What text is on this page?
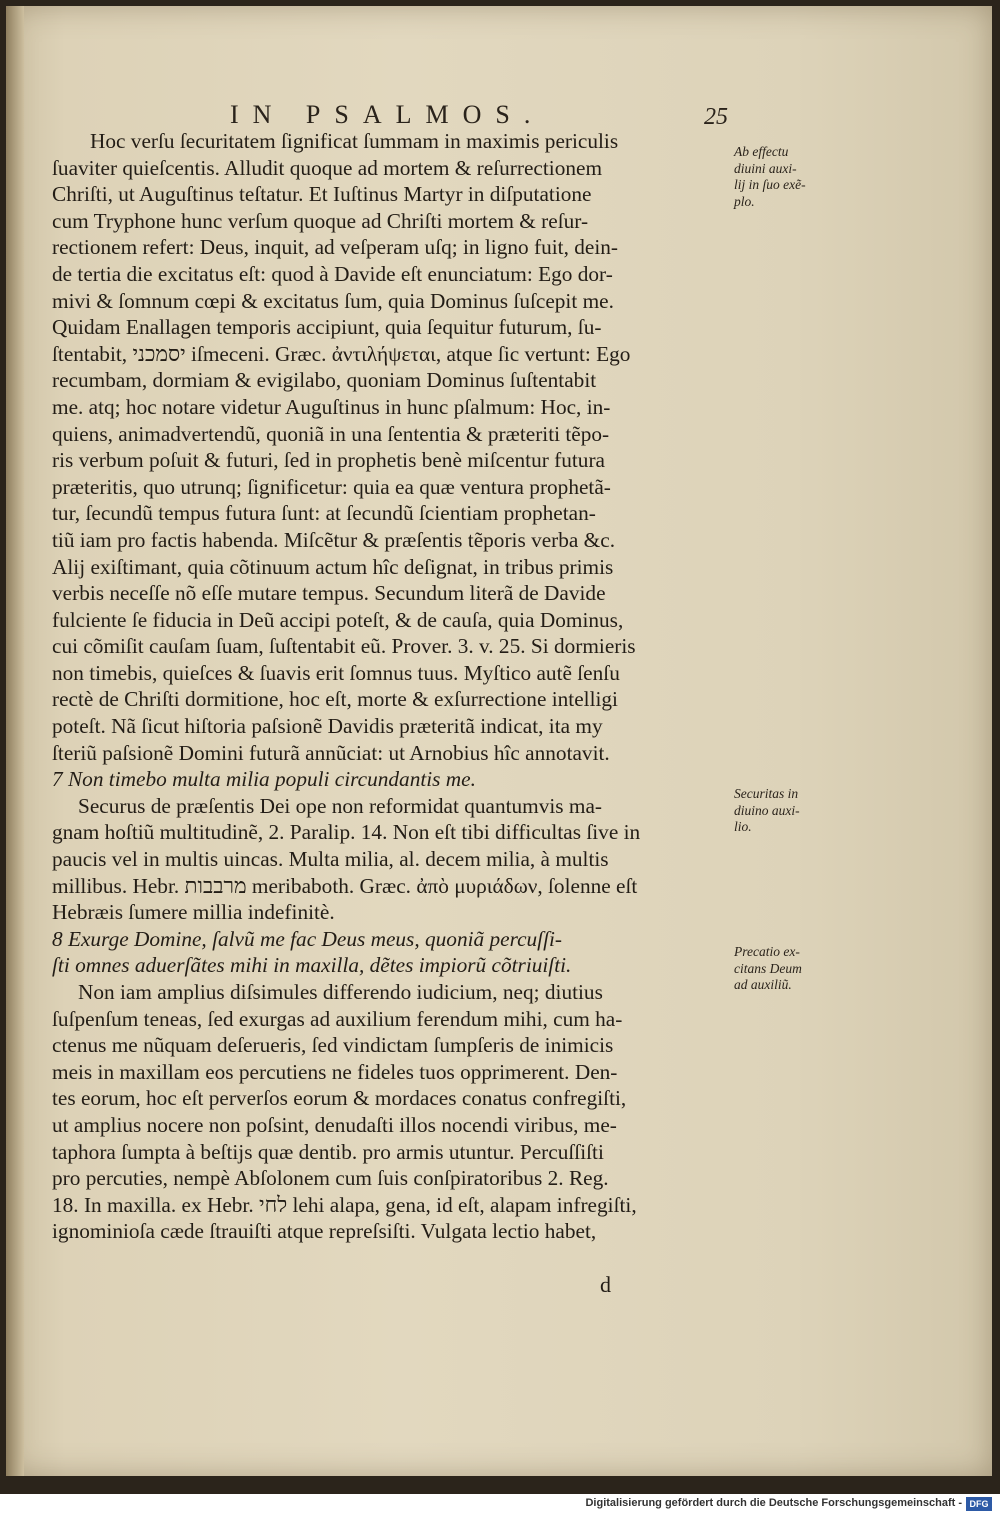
IN PSALMOS.	25
Hoc verſu ſecuritatem ſignificat ſummam in maximis periculis
ſuaviter quieſcentis. Alludit quoque ad mortem & reſurrectionem
Chriſti, ut Auguſtinus teſtatur. Et Iuſtinus Martyr in diſputatione
cum Tryphone hunc verſum quoque ad Chriſti mortem & reſur-
rectionem refert: Deus, inquit, ad veſperam uſq; in ligno fuit, dein-
de tertia die excitatus eſt: quod à Davide eſt enunciatum: Ego dor-
mivi & ſomnum cœpi & excitatus ſum, quia Dominus ſuſcepit me.
Quidam Enallagen temporis accipiunt, quia ſequitur futurum, ſu-
ſtentabit, יסמכני iſmeceni. Græc. ἀντιλήψεται, atque ſic vertunt: Ego
recumbam, dormiam & evigilabo, quoniam Dominus ſuſtentabit
me. atq; hoc notare videtur Auguſtinus in hunc pſalmum: Hoc, in-
quiens, animadvertendũ, quoniã in una ſententia & præteriti tẽpo-
ris verbum poſuit & futuri, ſed in prophetis benè miſcentur futura
præteritis, quo utrunq; ſignificetur: quia ea quæ ventura prophetã-
tur, ſecundũ tempus futura ſunt: at ſecundũ ſcientiam prophetan-
tiũ iam pro factis habenda. Miſcẽtur & præſentis tẽporis verba &c.
Alij exiſtimant, quia cõtinuum actum hîc deſignat, in tribus primis
verbis neceſſe nõ eſſe mutare tempus. Secundum literã de Davide
fulciente ſe fiducia in Deũ accipi poteſt, & de cauſa, quia Dominus,
cui cõmiſit cauſam ſuam, ſuſtentabit eũ. Prover. 3. v. 25. Si dormieris
non timebis, quieſces & ſuavis erit ſomnus tuus. Myſtico autẽ ſenſu
rectè de Chriſti dormitione, hoc eſt, morte & exſurrectione intelligi
poteſt. Nã ſicut hiſtoria paſsionẽ Davidis præteritã indicat, ita my
ſteriũ paſsionẽ Domini futurã annũciat: ut Arnobius hîc annotavit.
7 Non timebo multa milia populi circundantis me.
Securus de præſentis Dei ope non reformidat quantumvis ma-
gnam hoſtiũ multitudinẽ, 2. Paralip. 14. Non eſt tibi difficultas ſive in
paucis vel in multis uincas. Multa milia, al. decem milia, à multis
millibus. Hebr. מרבבות meribaboth. Græc. ἀπὸ μυριάδων, ſolenne eſt
Hebræis ſumere millia indefinitè.
8 Exurge Domine, ſalvũ me fac Deus meus, quoniã percuſſi-
ſti omnes aduerſãtes mihi in maxilla, dẽtes impiorũ cõtriuiſti.
Non iam amplius diſsimules differendo iudicium, neq; diutius
ſuſpenſum teneas, ſed exurgas ad auxilium ferendum mihi, cum ha-
ctenus me nũquam deſerueris, ſed vindictam ſumpſeris de inimicis
meis in maxillam eos percutiens ne fideles tuos opprimerent. Den-
tes eorum, hoc eſt perverſos eorum & mordaces conatus confregiſti,
ut amplius nocere non poſsint, denudaſti illos nocendi viribus, me-
taphora ſumpta à beſtijs quæ dentib. pro armis utuntur. Percuſſiſti
pro percuties, nempè Abſolonem cum ſuis conſpiratoribus 2. Reg.
18. In maxilla. ex Hebr. לחי lehi alapa, gena, id eſt, alapam infregiſti,
ignominioſa cæde ſtrauiſti atque repreſsiſti. Vulgata lectio habet,
Ab effectu
diuini auxi-
lij in ſuo exẽ-
plo.
Securitas in
diuino auxi-
lio.
Precatio ex-
citans Deum
ad auxiliũ.
d
Digitalisierung gefördert durch die Deutsche Forschungsgemeinschaft - DFG
